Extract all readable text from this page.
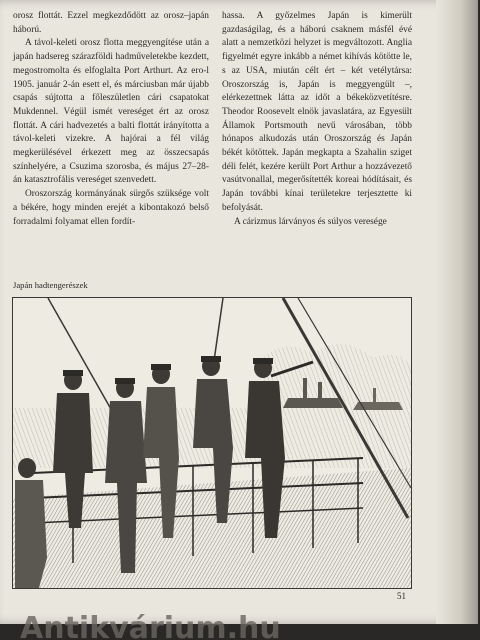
orosz flottát. Ezzel megkezdődött az orosz–japán háború.

A távol-keleti orosz flotta meggyengítése után a japán hadsereg szárazföldi hadműveletekbe kezdett, megostromolta és elfoglalta Port Arthurt. Az ero‑l 1905. január 2-án esett el, és márciusban már újabb csapás sújtotta a főleszületlen cári csapatokat Mukdennel. Végül ismét vereséget ért az orosz flottát. A cári hadvezetés a balti flottát irányította a távol-keleti vizekre. A hajórai a fél világ megkerülésével érkezett meg az összecsapás színhelyére, a Csuzima szorosba, és május 27–28-án katasztrofális vereséget szenvedett.

Oroszország kormányának sürgős szüksége volt a békére, hogy minden erejét a kibontakozó belső forradalmi folyamat ellen fordít-

hassa. A győzelmes Japán is kimerült gazdaságilag, és a háború csaknem másfél évé alatt a nemzetközi helyzet is megváltozott. Anglia figyelmét egyre inkább a német kihívás kötötte le, s az USA, miután célt ért – két vetélytársa: Oroszország is, Japán is meggyengült –, elérkezettnek látta az időt a békeközvetítésre. Theodor Roosevelt elnök javaslatára, az Egyesült Államok Portsmouth nevű városában, több hónapos alkudozás után Oroszország és Japán békét kötöttek. Japán megkapta a Szahalin sziget déli felét, kezére került Port Arthur a hozzávezető vasútvonallal, megerősítették koreai hódításait, és Japán további kínai területekre terjesztette ki befolyását.

A cárizmus lárványos és súlyos veresége

Japán hadtengerészek
51
Antikvárium.hu
